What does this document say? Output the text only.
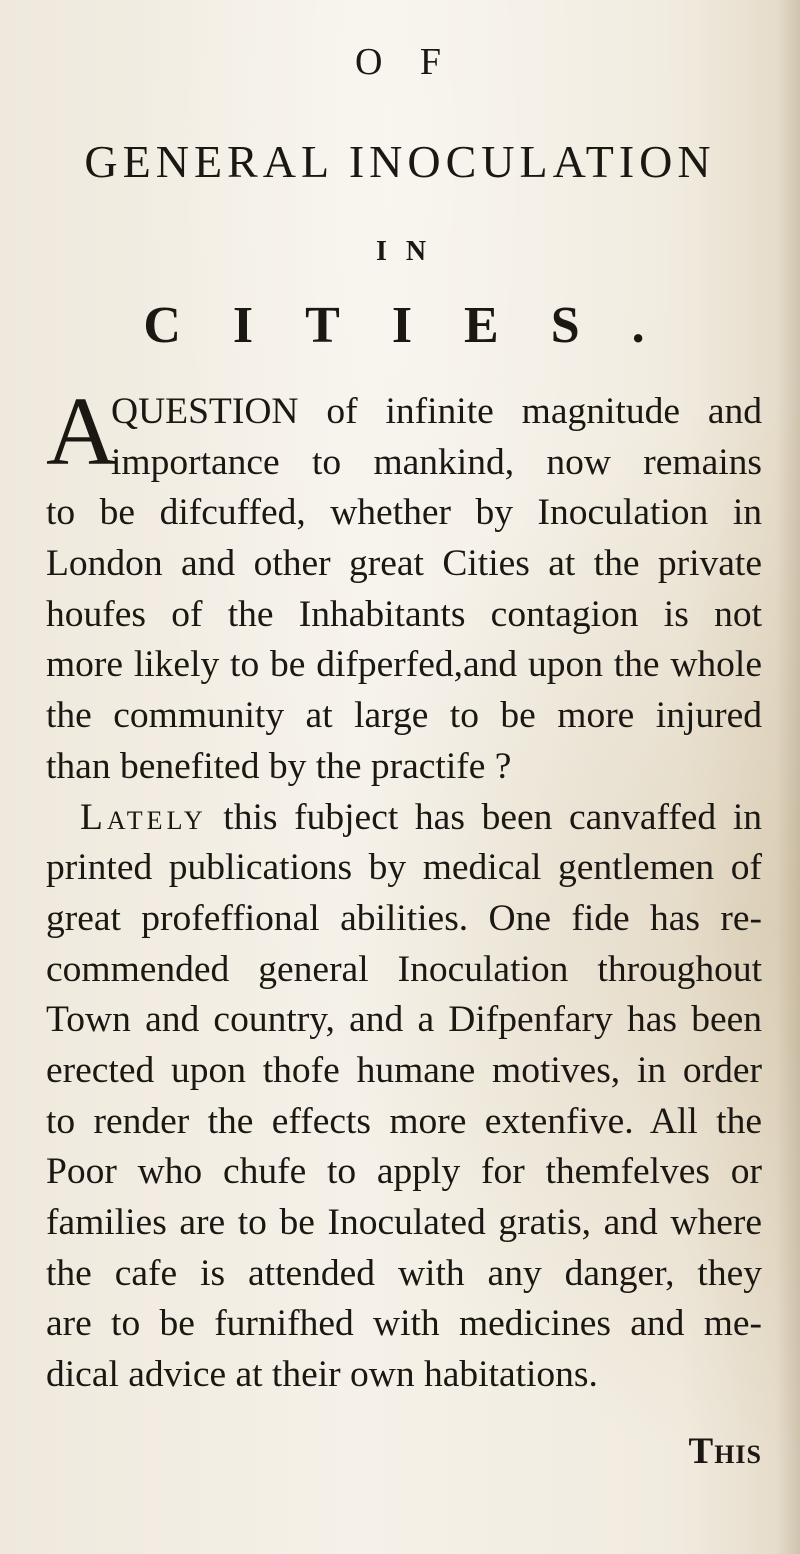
O F
GENERAL INOCULATION
I N
CITIES.
A
QUESTION of infinite magnitude and
importance to mankind, now remains
to be difcuffed, whether by Inoculation in
London and other great Cities at the private
houfes of the Inhabitants contagion is not
more likely to be difperfed,and upon the whole
the community at large to be more injured
than benefited by the practife ?
Lately this fubject has been canvaffed in
printed publications by medical gentlemen of
great profeffional abilities. One fide has re-
commended general Inoculation throughout
Town and country, and a Difpenfary has been
erected upon thofe humane motives, in order
to render the effects more extenfive. All the
Poor who chufe to apply for themfelves or
families are to be Inoculated gratis, and where
the cafe is attended with any danger, they
are to be furnifhed with medicines and me-
dical advice at their own habitations.
This
